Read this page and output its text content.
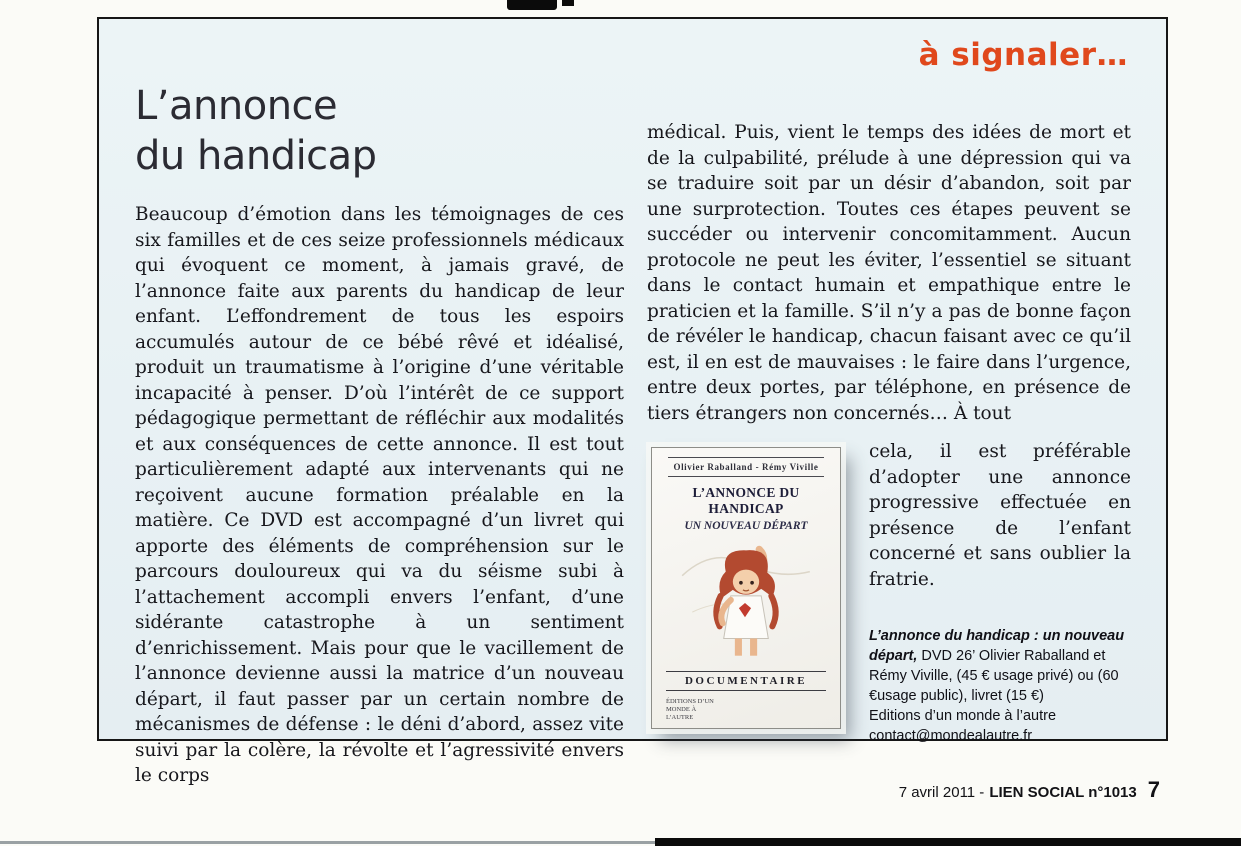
à signaler…
L’annonce
du handicap
Beaucoup d’émotion dans les témoignages de ces six familles et de ces seize professionnels médicaux qui évoquent ce moment, à jamais gravé, de l’annonce faite aux parents du handicap de leur enfant. L’effondrement de tous les espoirs accumulés autour de ce bébé rêvé et idéalisé, produit un traumatisme à l’origine d’une véritable incapacité à penser. D’où l’intérêt de ce support pédagogique permettant de réfléchir aux modalités et aux conséquences de cette annonce. Il est tout particulièrement adapté aux intervenants qui ne reçoivent aucune formation préalable en la matière. Ce DVD est accompagné d’un livret qui apporte des éléments de compréhension sur le parcours douloureux qui va du séisme subi à l’attachement accompli envers l’enfant, d’une sidérante catastrophe à un sentiment d’enrichissement. Mais pour que le vacillement de l’annonce devienne aussi la matrice d’un nouveau départ, il faut passer par un certain nombre de mécanismes de défense : le déni d’abord, assez vite suivi par la colère, la révolte et l’agressivité envers le corps
médical. Puis, vient le temps des idées de mort et de la culpabilité, prélude à une dépression qui va se traduire soit par un désir d’abandon, soit par une surprotection. Toutes ces étapes peuvent se succéder ou intervenir concomitamment. Aucun protocole ne peut les éviter, l’essentiel se situant dans le contact humain et empathique entre le praticien et la famille. S’il n’y a pas de bonne façon de révéler le handicap, chacun faisant avec ce qu’il est, il en est de mauvaises : le faire dans l’urgence, entre deux portes, par téléphone, en présence de tiers étrangers non concernés… À tout
Olivier Raballand - Rémy Viville
L’ANNONCE DU HANDICAP
UN NOUVEAU DÉPART
DOCUMENTAIRE
ÉDITIONS D’UN MONDE À L’AUTRE
cela, il est préférable d’adopter une annonce progressive effectuée en présence de l’enfant concerné et sans oublier la fratrie.
L’annonce du handicap : un nouveau départ, DVD 26’ Olivier Raballand et Rémy Viville, (45 € usage privé) ou (60 €usage public), livret (15 €)
Editions d’un monde à l’autre
contact@mondealautre.fr
7 avril 2011 - LIEN SOCIAL n°1013 7
